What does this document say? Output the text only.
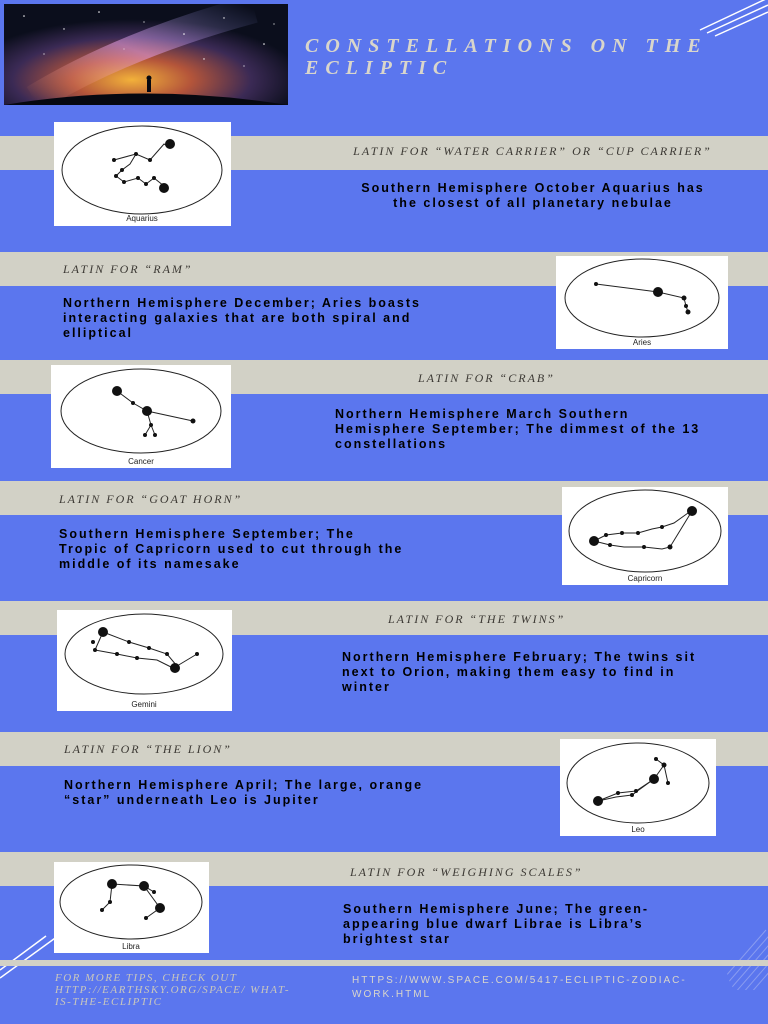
CONSTELLATIONS ON THE ECLIPTIC
Aquarius
LATIN FOR “WATER CARRIER” OR “CUP CARRIER”
Southern Hemisphere October Aquarius has the closest of all planetary nebulae
LATIN FOR “RAM”
Aries
Northern Hemisphere December; Aries boasts interacting galaxies that are both spiral and elliptical
Cancer
LATIN FOR “CRAB”
Northern Hemisphere March Southern Hemisphere September; The dimmest of the 13 constellations
LATIN FOR “GOAT HORN”
Capricorn
Southern Hemisphere September; The Tropic of Capricorn used to cut through the middle of its namesake
Gemini
LATIN FOR “THE TWINS”
Northern Hemisphere February; The twins sit next to Orion, making them easy to find in winter
LATIN FOR “THE LION”
Leo
Northern Hemisphere April; The large, orange “star” underneath Leo is Jupiter
Libra
LATIN FOR “WEIGHING SCALES”
Southern Hemisphere June; The green-appearing blue dwarf Librae is Libra’s brightest star
FOR MORE TIPS, CHECK OUT HTTP://EARTHSKY.ORG/SPACE/ WHAT-IS-THE-ECLIPTIC
HTTPS://WWW.SPACE.COM/5417-ECLIPTIC-ZODIAC-WORK.HTML
